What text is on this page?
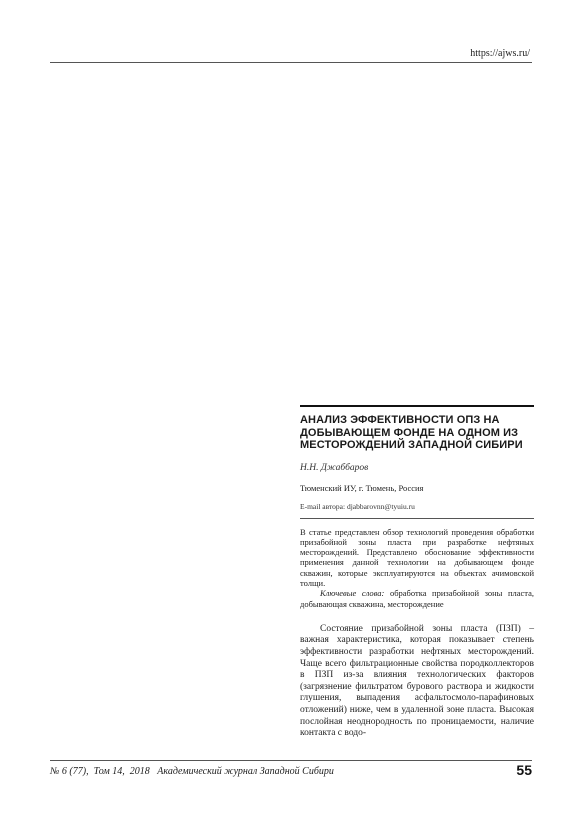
https://ajws.ru/
АНАЛИЗ ЭФФЕКТИВНОСТИ ОПЗ НА ДОБЫВАЮЩЕМ ФОНДЕ НА ОДНОМ ИЗ МЕСТОРОЖДЕНИЙ ЗАПАДНОЙ СИБИРИ
Н.Н. Джаббаров
Тюменский ИУ, г. Тюмень, Россия
E-mail автора: djabbarovnn@tyuiu.ru

В статье представлен обзор технологий проведения обработки призабойной зоны пласта при разработке нефтяных месторождений. Представлено обоснование эффективности применения данной технологии на добывающем фонде скважин, которые эксплуатируются на объектах ачимовской толщи.

Ключевые слова: обработка призабойной зоны пласта, добывающая скважина, месторождение

Состояние призабойной зоны пласта (ПЗП) – важная характеристика, которая показывает степень эффективности разработки нефтяных месторождений. Чаще всего фильтрационные свойства породколлекторов в ПЗП из-за влияния технологических факторов (загрязнение фильтратом бурового раствора и жидкости глушения, выпадения асфальтосмоло-парафиновых отложений) ниже, чем в удаленной зоне пласта. Высокая послойная неоднородность по проницаемости, наличие контакта с водо-

№ 6 (77),  Том 14,  2018   Академический журнал Западной Сибири	55
